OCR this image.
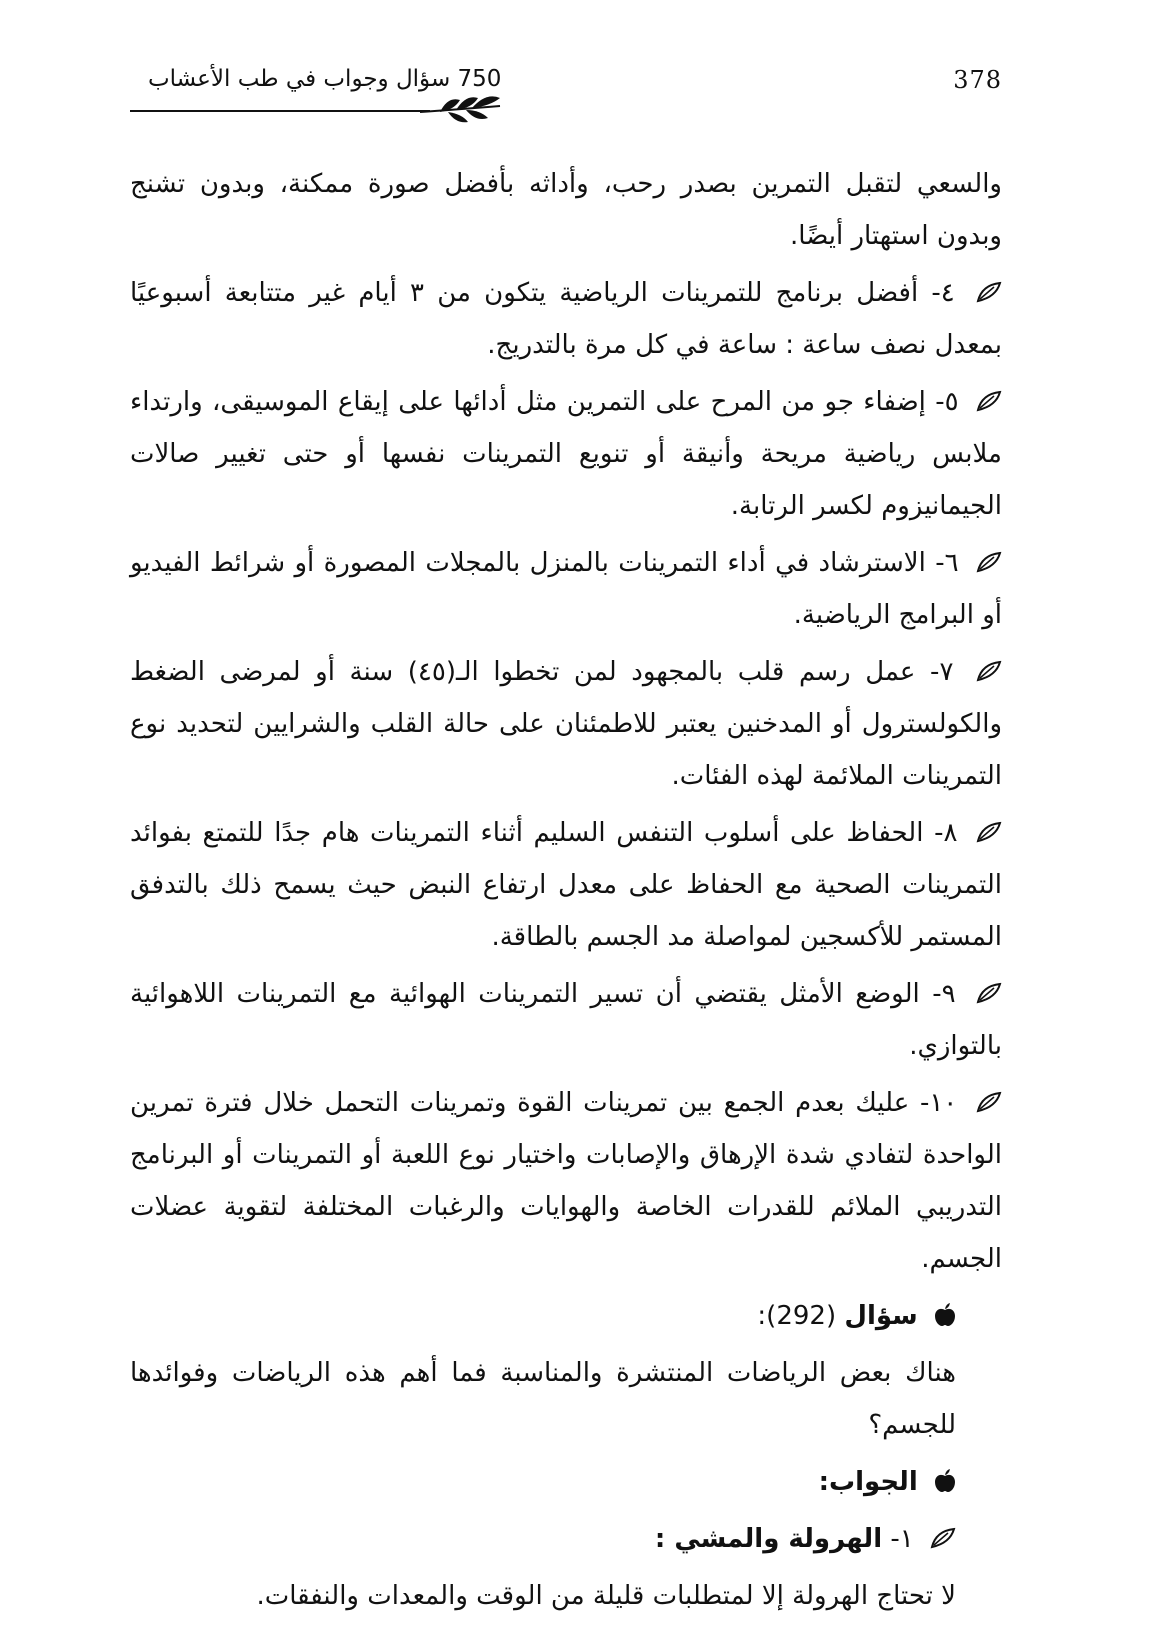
378
750 سؤال وجواب في طب الأعشاب

والسعي لتقبل التمرين بصدر رحب، وأداثه بأفضل صورة ممكنة، وبدون تشنج وبدون استهتار أيضًا.

٤- أفضل برنامج للتمرينات الرياضية يتكون من ٣ أيام غير متتابعة أسبوعيًا بمعدل نصف ساعة : ساعة في كل مرة بالتدريج.

٥- إضفاء جو من المرح على التمرين مثل أدائها على إيقاع الموسيقى، وارتداء ملابس رياضية مريحة وأنيقة أو تنويع التمرينات نفسها أو حتى تغيير صالات الجيمانيزوم لكسر الرتابة.

٦- الاسترشاد في أداء التمرينات بالمنزل بالمجلات المصورة أو شرائط الفيديو أو البرامج الرياضية.

٧- عمل رسم قلب بالمجهود لمن تخطوا الـ(٤٥) سنة أو لمرضى الضغط والكولسترول أو المدخنين يعتبر للاطمئنان على حالة القلب والشرايين لتحديد نوع التمرينات الملائمة لهذه الفئات.

٨- الحفاظ على أسلوب التنفس السليم أثناء التمرينات هام جدًا للتمتع بفوائد التمرينات الصحية مع الحفاظ على معدل ارتفاع النبض حيث يسمح ذلك بالتدفق المستمر للأكسجين لمواصلة مد الجسم بالطاقة.

٩- الوضع الأمثل يقتضي أن تسير التمرينات الهوائية مع التمرينات اللاهوائية بالتوازي.

١٠- عليك بعدم الجمع بين تمرينات القوة وتمرينات التحمل خلال فترة تمرين الواحدة لتفادي شدة الإرهاق والإصابات واختيار نوع اللعبة أو التمرينات أو البرنامج التدريبي الملائم للقدرات الخاصة والهوايات والرغبات المختلفة لتقوية عضلات الجسم.

سؤال (292):

هناك بعض الرياضات المنتشرة والمناسبة فما أهم هذه الرياضات وفوائدها للجسم؟

الجواب:

١- الهرولة والمشي :

لا تحتاج الهرولة إلا لمتطلبات قليلة من الوقت والمعدات والنفقات.
